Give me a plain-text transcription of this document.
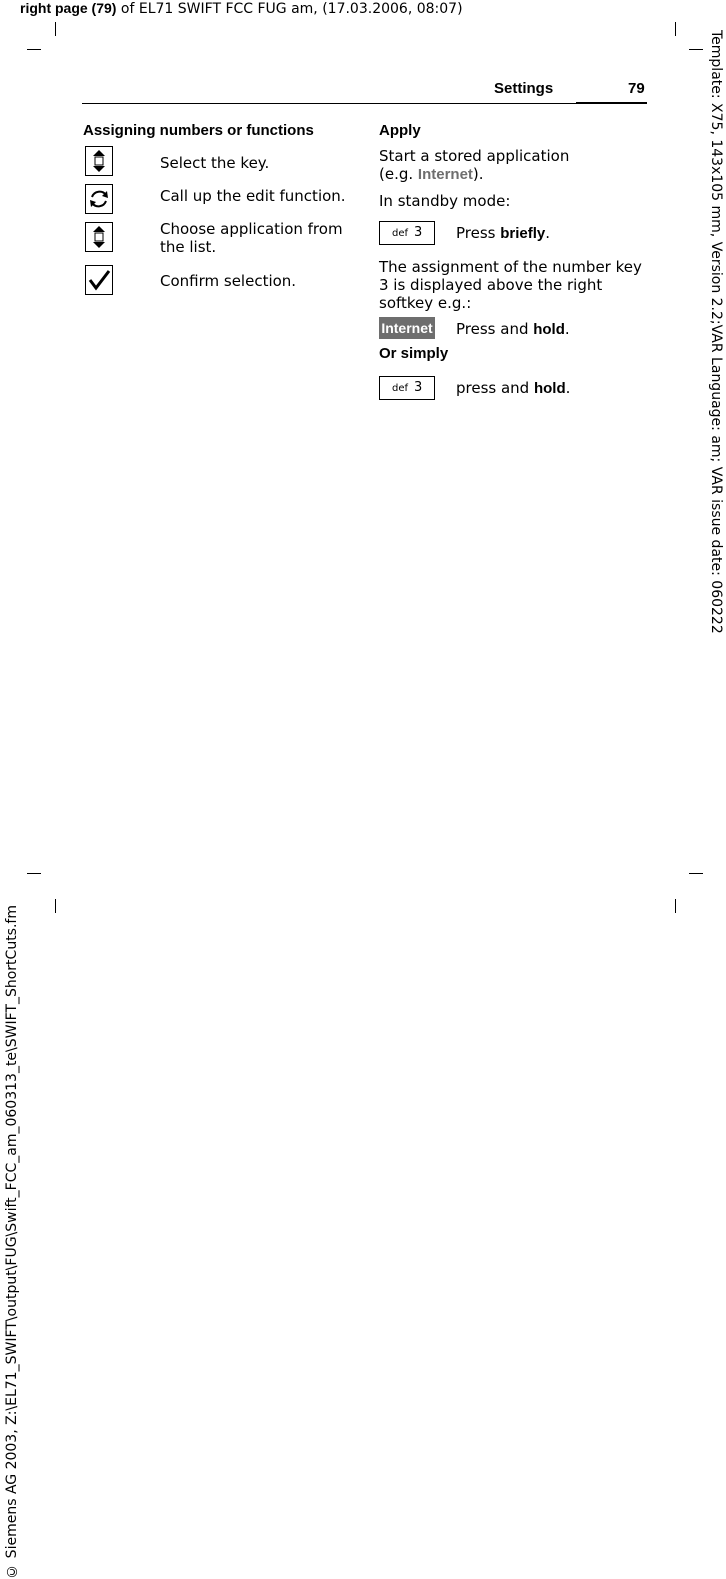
right page (79) of EL71 SWIFT FCC FUG am, (17.03.2006, 08:07)
Template: X75, 143x105 mm, Version 2.2;VAR Language: am; VAR issue date: 060222
© Siemens AG 2003, Z:\EL71_SWIFT\output\FUG\Swift_FCC_am_060313_te\SWIFT_ShortCuts.fm
Settings	79
Assigning numbers or functions
Select the key.
Call up the edit function.
Choose application from the list.
Confirm selection.
Apply
Start a stored application
(e.g. Internet).
In standby mode:
def 3 Press briefly.
The assignment of the number key 3 is displayed above the right softkey e.g.:
Internet Press and hold.
Or simply
def 3 press and hold.
